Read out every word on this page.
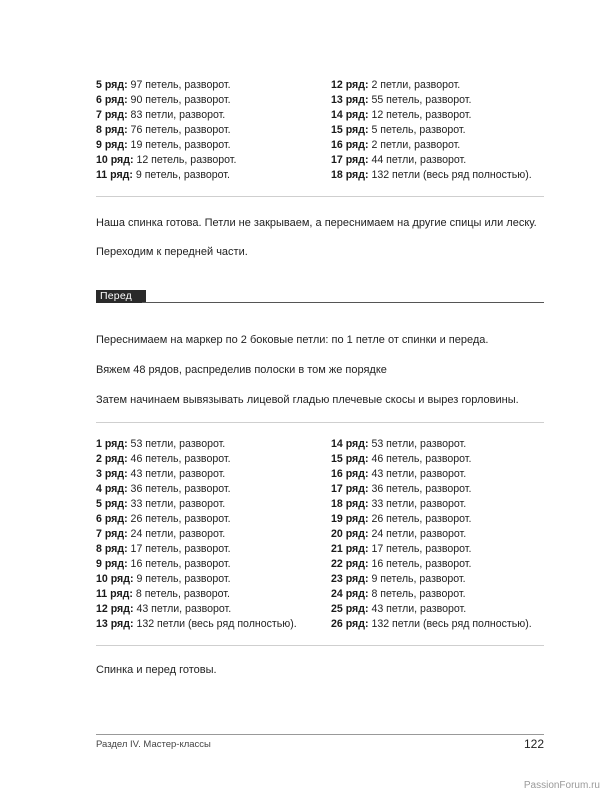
5 ряд: 97 петель, разворот.
6 ряд: 90 петель, разворот.
7 ряд: 83 петли, разворот.
8 ряд: 76 петель, разворот.
9 ряд: 19 петель, разворот.
10 ряд: 12 петель, разворот.
11 ряд: 9 петель, разворот.
12 ряд: 2 петли, разворот.
13 ряд: 55 петель, разворот.
14 ряд: 12 петель, разворот.
15 ряд: 5 петель, разворот.
16 ряд: 2 петли, разворот.
17 ряд: 44 петли, разворот.
18 ряд: 132 петли (весь ряд полностью).
Наша спинка готова. Петли не закрываем, а переснимаем на другие спицы или леску.
Переходим к передней части.
Перед
Переснимаем на маркер по 2 боковые петли: по 1 петле от спинки и переда.
Вяжем 48 рядов, распределив полоски в том же порядке
Затем начинаем вывязывать лицевой гладью плечевые скосы и вырез горловины.
1 ряд: 53 петли, разворот.
2 ряд: 46 петель, разворот.
3 ряд: 43 петли, разворот.
4 ряд: 36 петель, разворот.
5 ряд: 33 петли, разворот.
6 ряд: 26 петель, разворот.
7 ряд: 24 петли, разворот.
8 ряд: 17 петель, разворот.
9 ряд: 16 петель, разворот.
10 ряд: 9 петель, разворот.
11 ряд: 8 петель, разворот.
12 ряд: 43 петли, разворот.
13 ряд: 132 петли (весь ряд полностью).
14 ряд: 53 петли, разворот.
15 ряд: 46 петель, разворот.
16 ряд: 43 петли, разворот.
17 ряд: 36 петель, разворот.
18 ряд: 33 петли, разворот.
19 ряд: 26 петель, разворот.
20 ряд: 24 петли, разворот.
21 ряд: 17 петель, разворот.
22 ряд: 16 петель, разворот.
23 ряд: 9 петель, разворот.
24 ряд: 8 петель, разворот.
25 ряд: 43 петли, разворот.
26 ряд: 132 петли (весь ряд полностью).
Спинка и перед готовы.
Раздел IV. Мастер-классы	122
PassionForum.ru
